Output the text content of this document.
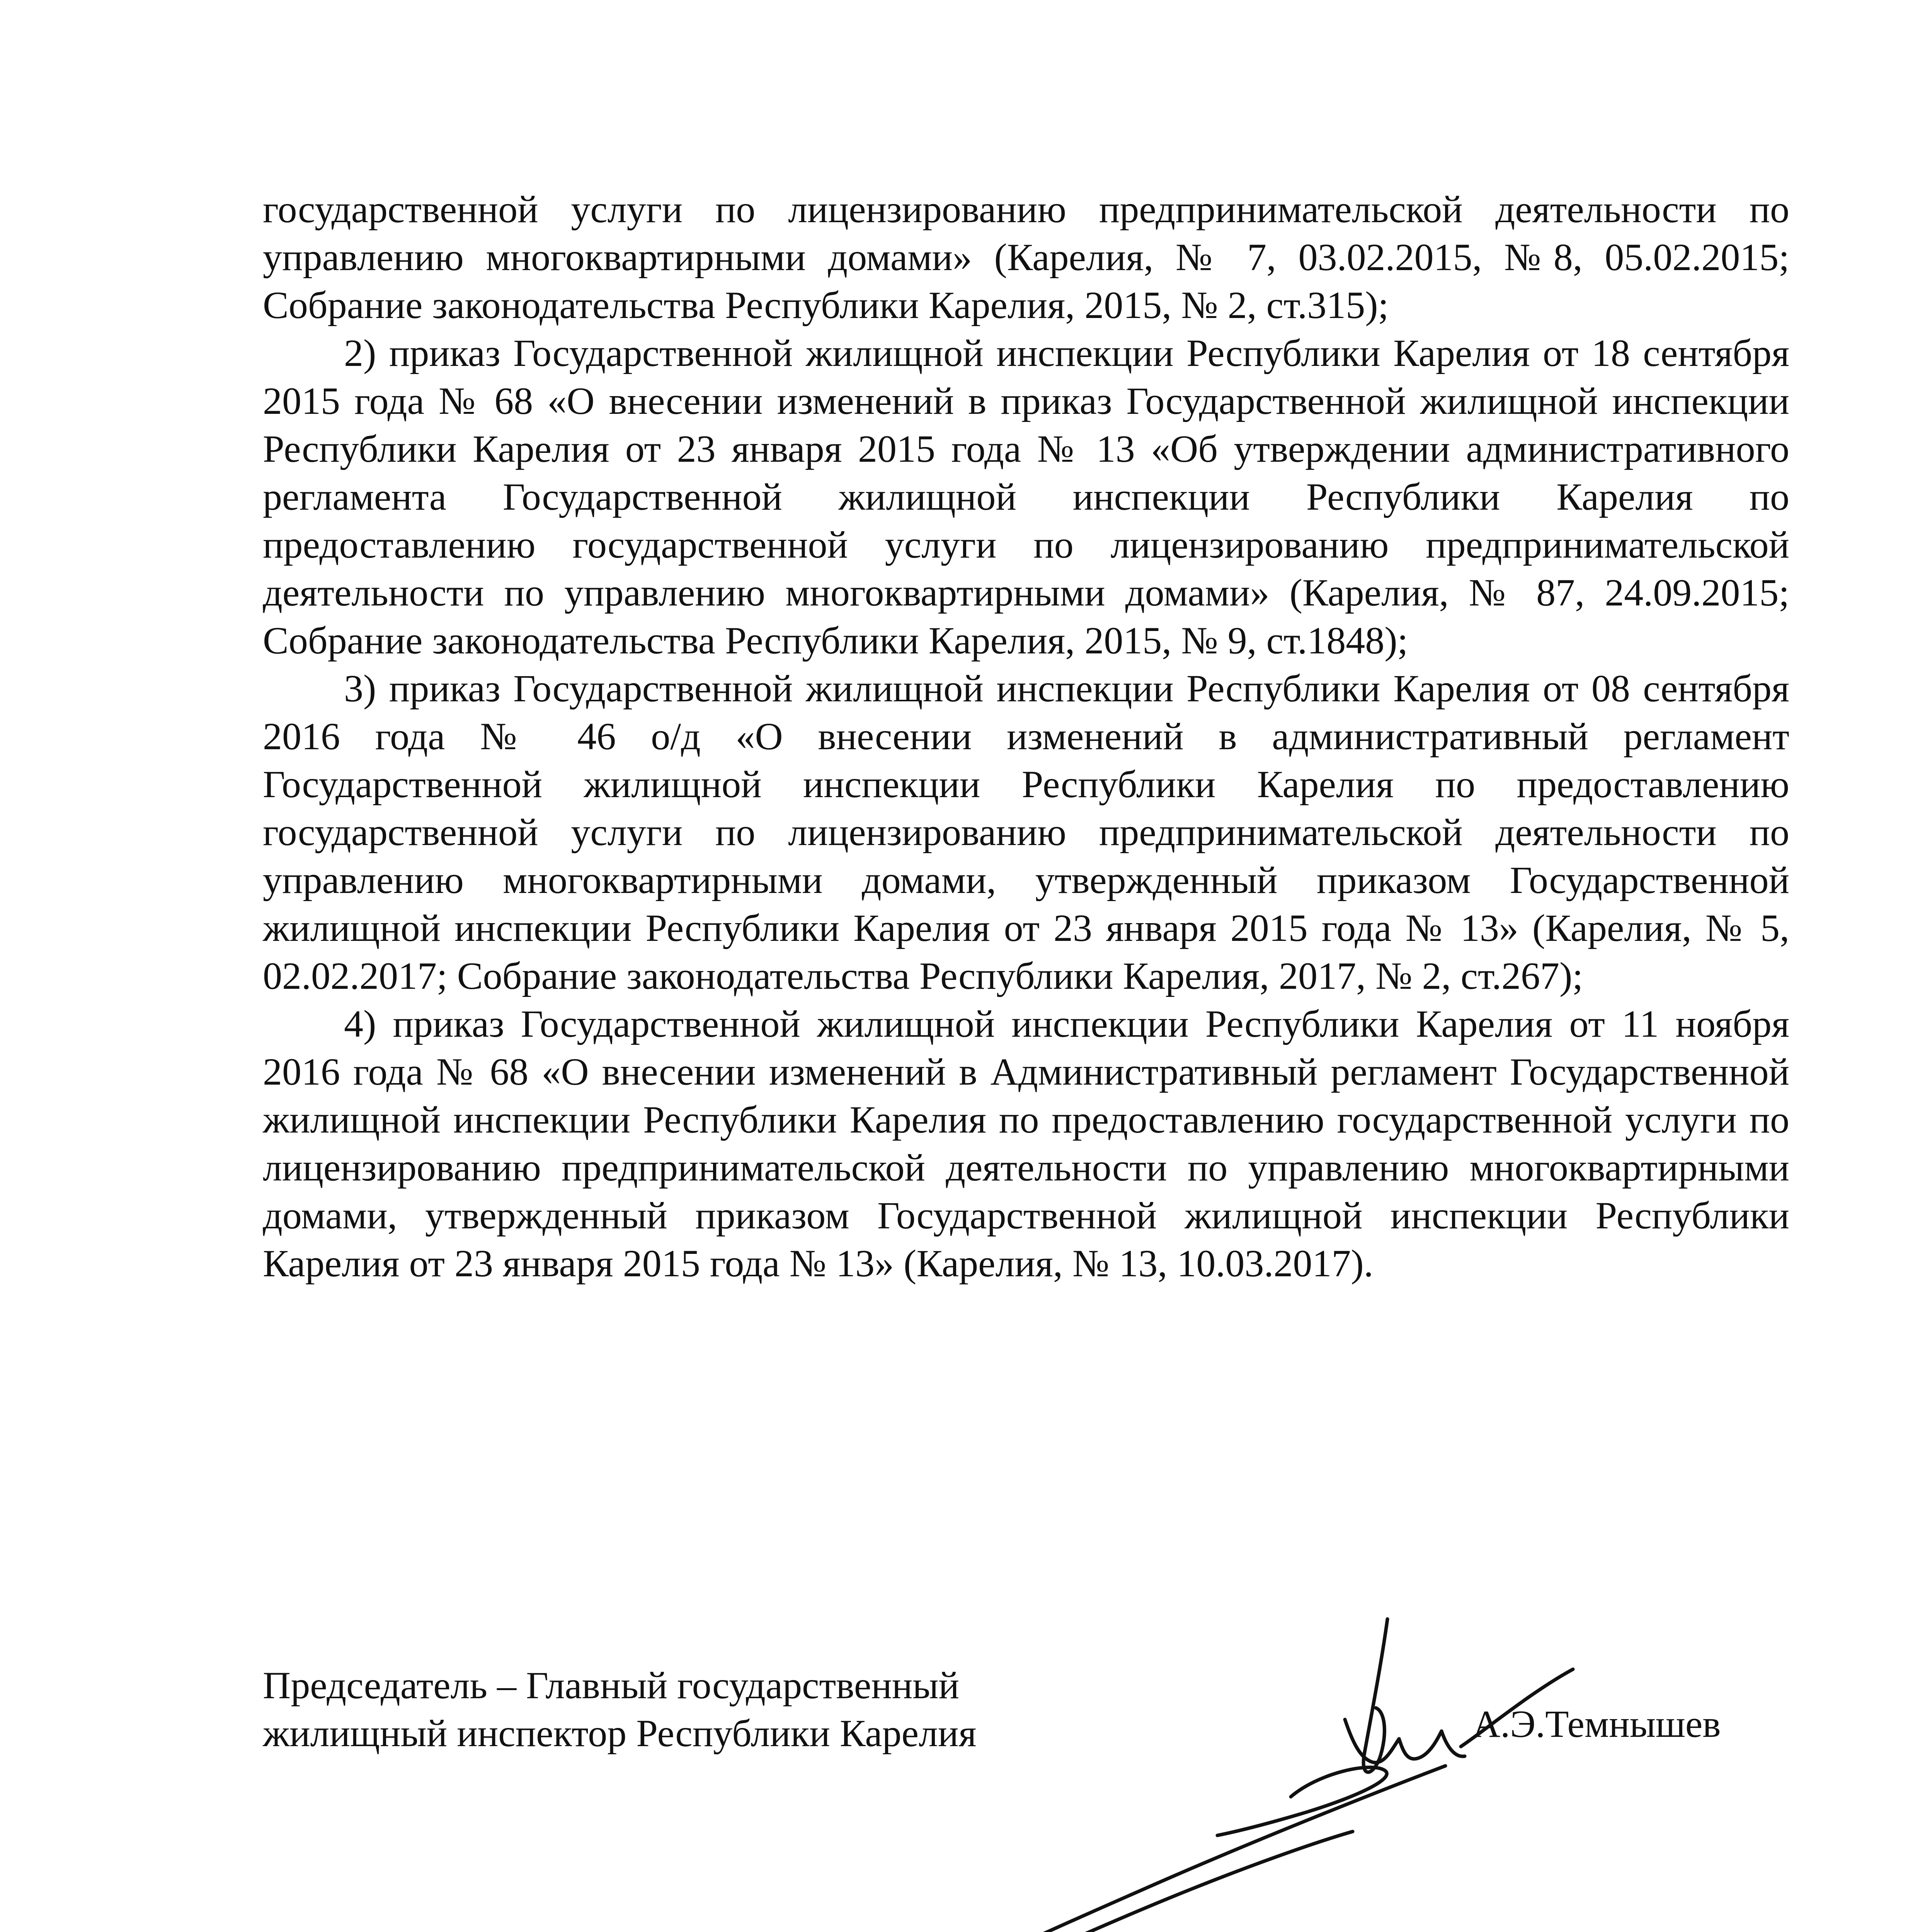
государственной услуги по лицензированию предпринимательской деятельности по управлению многоквартирными домами» (Карелия, № 7, 03.02.2015, №8, 05.02.2015; Собрание законодательства Республики Карелия, 2015, № 2, ст.315);

2) приказ Государственной жилищной инспекции Республики Карелия от 18 сентября 2015 года № 68 «О внесении изменений в приказ Государственной жилищной инспекции Республики Карелия от 23 января 2015 года № 13 «Об утверждении административного регламента Государственной жилищной инспекции Республики Карелия по предоставлению государственной услуги по лицензированию предпринимательской деятельности по управлению многоквартирными домами» (Карелия, № 87, 24.09.2015; Собрание законодательства Республики Карелия, 2015, № 9, ст.1848);

3) приказ Государственной жилищной инспекции Республики Карелия от 08 сентября 2016 года № 46 о/д «О внесении изменений в административный регламент Государственной жилищной инспекции Республики Карелия по предоставлению государственной услуги по лицензированию предпринимательской деятельности по управлению многоквартирными домами, утвержденный приказом Государственной жилищной инспекции Республики Карелия от 23 января 2015 года № 13» (Карелия, № 5, 02.02.2017; Собрание законодательства Республики Карелия, 2017, № 2, ст.267);

4) приказ Государственной жилищной инспекции Республики Карелия от 11 ноября 2016 года № 68 «О внесении изменений в Административный регламент Государственной жилищной инспекции Республики Карелия по предоставлению государственной услуги по лицензированию предпринимательской деятельности по управлению многоквартирными домами, утвержденный приказом Государственной жилищной инспекции Республики Карелия от 23 января 2015 года № 13» (Карелия, № 13, 10.03.2017).

Председатель – Главный государственный
жилищный инспектор Республики Карелия	А.Э.Темнышев
